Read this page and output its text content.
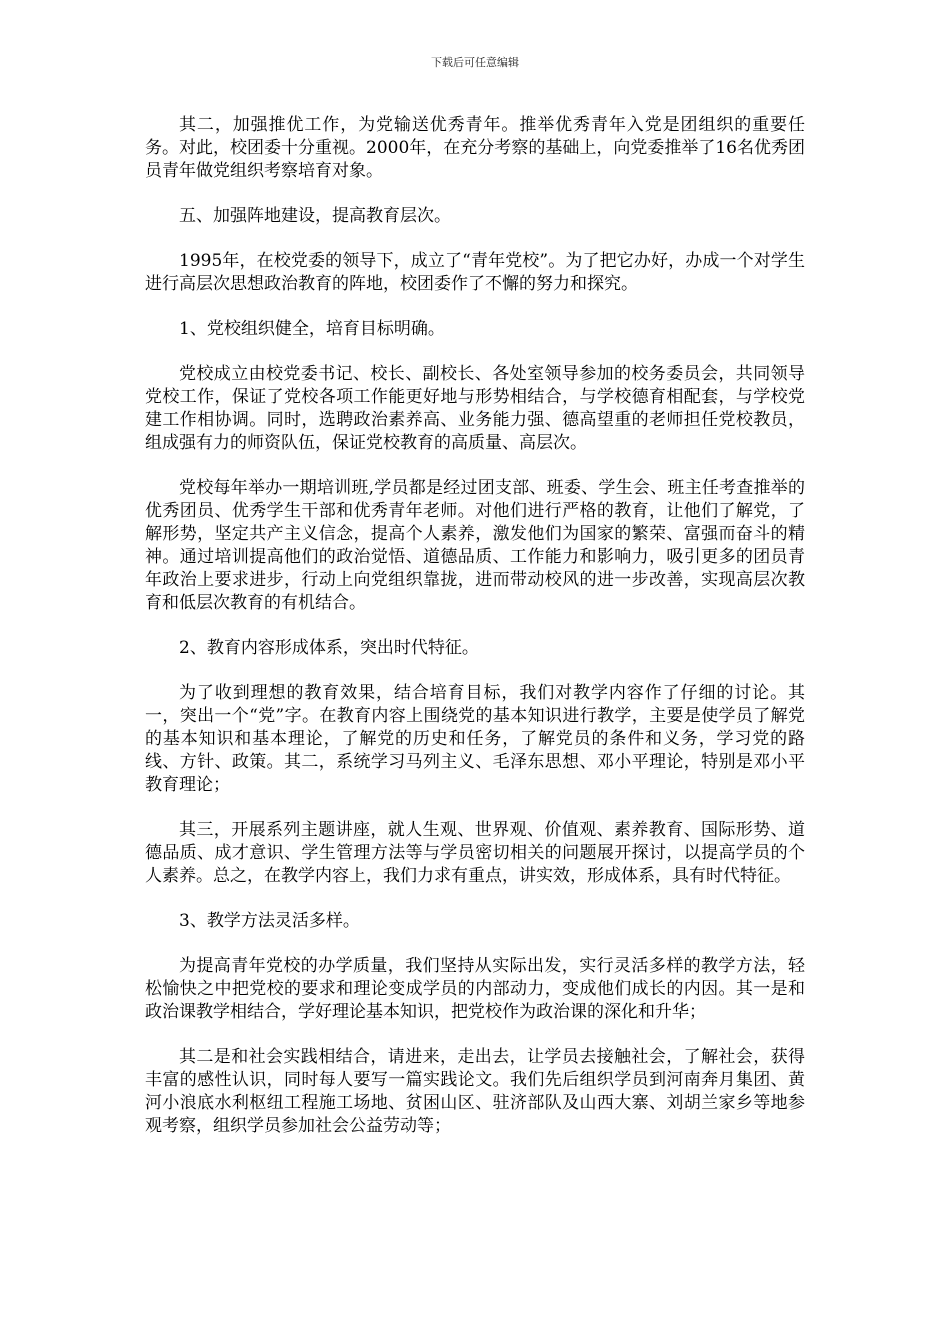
下载后可任意编辑

其二，加强推优工作，为党输送优秀青年。推举优秀青年入党是团组织的重要任务。对此，校团委十分重视。2000年，在充分考察的基础上，向党委推举了16名优秀团员青年做党组织考察培育对象。

五、加强阵地建设，提高教育层次。

1995年，在校党委的领导下，成立了“青年党校”。为了把它办好，办成一个对学生进行高层次思想政治教育的阵地，校团委作了不懈的努力和探究。

1、党校组织健全，培育目标明确。

党校成立由校党委书记、校长、副校长、各处室领导参加的校务委员会，共同领导党校工作，保证了党校各项工作能更好地与形势相结合，与学校德育相配套，与学校党建工作相协调。同时，选聘政治素养高、业务能力强、德高望重的老师担任党校教员，组成强有力的师资队伍，保证党校教育的高质量、高层次。

党校每年举办一期培训班,学员都是经过团支部、班委、学生会、班主任考查推举的优秀团员、优秀学生干部和优秀青年老师。对他们进行严格的教育，让他们了解党，了解形势，坚定共产主义信念，提高个人素养，激发他们为国家的繁荣、富强而奋斗的精神。通过培训提高他们的政治觉悟、道德品质、工作能力和影响力，吸引更多的团员青年政治上要求进步，行动上向党组织靠拢，进而带动校风的进一步改善，实现高层次教育和低层次教育的有机结合。

2、教育内容形成体系，突出时代特征。

为了收到理想的教育效果，结合培育目标，我们对教学内容作了仔细的讨论。其一，突出一个“党”字。在教育内容上围绕党的基本知识进行教学，主要是使学员了解党的基本知识和基本理论，了解党的历史和任务，了解党员的条件和义务，学习党的路线、方针、政策。其二，系统学习马列主义、毛泽东思想、邓小平理论，特别是邓小平教育理论；

其三，开展系列主题讲座，就人生观、世界观、价值观、素养教育、国际形势、道德品质、成才意识、学生管理方法等与学员密切相关的问题展开探讨，以提高学员的个人素养。总之，在教学内容上，我们力求有重点，讲实效，形成体系，具有时代特征。

3、教学方法灵活多样。

为提高青年党校的办学质量，我们坚持从实际出发，实行灵活多样的教学方法，轻松愉快之中把党校的要求和理论变成学员的内部动力，变成他们成长的内因。其一是和政治课教学相结合，学好理论基本知识，把党校作为政治课的深化和升华；

其二是和社会实践相结合，请进来，走出去，让学员去接触社会，了解社会，获得丰富的感性认识，同时每人要写一篇实践论文。我们先后组织学员到河南奔月集团、黄河小浪底水利枢纽工程施工场地、贫困山区、驻济部队及山西大寨、刘胡兰家乡等地参观考察，组织学员参加社会公益劳动等；
